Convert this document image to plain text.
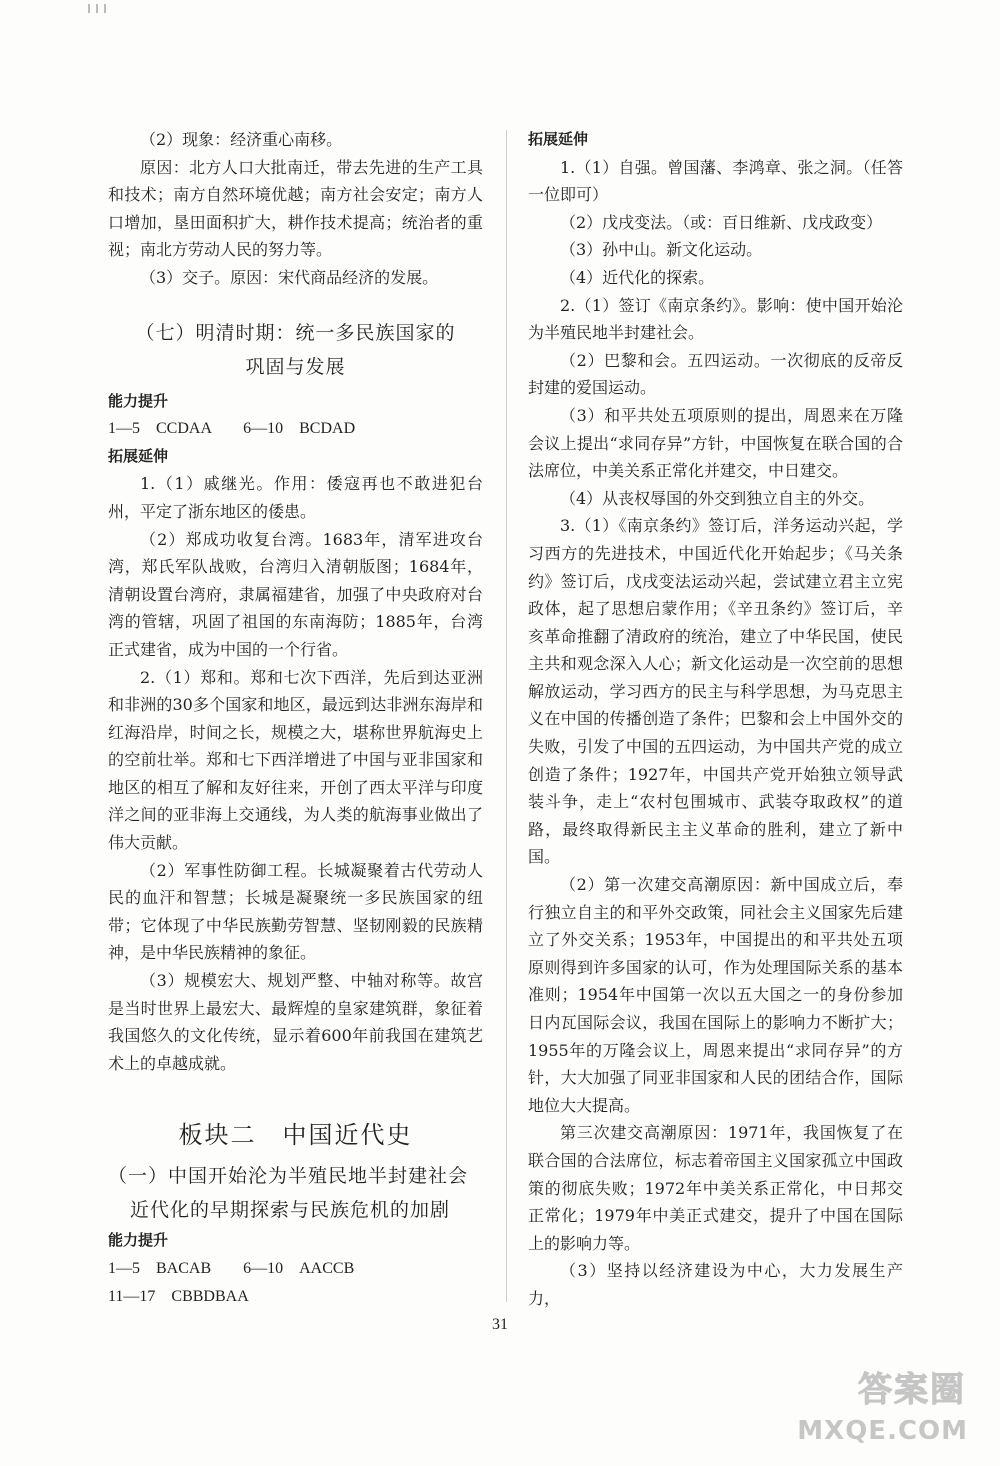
（2）现象：经济重心南移。

原因：北方人口大批南迁，带去先进的生产工具和技术；南方自然环境优越；南方社会安定；南方人口增加，垦田面积扩大，耕作技术提高；统治者的重视；南北方劳动人民的努力等。

（3）交子。原因：宋代商品经济的发展。

（七）明清时期：统一多民族国家的
巩固与发展

能力提升

1—5　CCDAA　　6—10　BCDAD

拓展延伸

1.（1）戚继光。作用：倭寇再也不敢进犯台州，平定了浙东地区的倭患。

（2）郑成功收复台湾。1683年，清军进攻台湾，郑氏军队战败，台湾归入清朝版图；1684年，清朝设置台湾府，隶属福建省，加强了中央政府对台湾的管辖，巩固了祖国的东南海防；1885年，台湾正式建省，成为中国的一个行省。

2.（1）郑和。郑和七次下西洋，先后到达亚洲和非洲的30多个国家和地区，最远到达非洲东海岸和红海沿岸，时间之长，规模之大，堪称世界航海史上的空前壮举。郑和七下西洋增进了中国与亚非国家和地区的相互了解和友好往来，开创了西太平洋与印度洋之间的亚非海上交通线，为人类的航海事业做出了伟大贡献。

（2）军事性防御工程。长城凝聚着古代劳动人民的血汗和智慧；长城是凝聚统一多民族国家的纽带；它体现了中华民族勤劳智慧、坚韧刚毅的民族精神，是中华民族精神的象征。

（3）规模宏大、规划严整、中轴对称等。故宫是当时世界上最宏大、最辉煌的皇家建筑群，象征着我国悠久的文化传统，显示着600年前我国在建筑艺术上的卓越成就。

板块二　中国近代史
（一）中国开始沦为半殖民地半封建社会
近代化的早期探索与民族危机的加剧

能力提升

1—5　BACAB　　6—10　AACCB

11—17　CBBDBAA

拓展延伸

1.（1）自强。曾国藩、李鸿章、张之洞。（任答一位即可）

（2）戊戌变法。（或：百日维新、戊戌政变）

（3）孙中山。新文化运动。

（4）近代化的探索。

2.（1）签订《南京条约》。影响：使中国开始沦为半殖民地半封建社会。

（2）巴黎和会。五四运动。一次彻底的反帝反封建的爱国运动。

（3）和平共处五项原则的提出，周恩来在万隆会议上提出“求同存异”方针，中国恢复在联合国的合法席位，中美关系正常化并建交，中日建交。

（4）从丧权辱国的外交到独立自主的外交。

3.（1）《南京条约》签订后，洋务运动兴起，学习西方的先进技术，中国近代化开始起步；《马关条约》签订后，戊戌变法运动兴起，尝试建立君主立宪政体，起了思想启蒙作用；《辛丑条约》签订后，辛亥革命推翻了清政府的统治，建立了中华民国，使民主共和观念深入人心；新文化运动是一次空前的思想解放运动，学习西方的民主与科学思想，为马克思主义在中国的传播创造了条件；巴黎和会上中国外交的失败，引发了中国的五四运动，为中国共产党的成立创造了条件；1927年，中国共产党开始独立领导武装斗争，走上“农村包围城市、武装夺取政权”的道路，最终取得新民主主义革命的胜利，建立了新中国。

（2）第一次建交高潮原因：新中国成立后，奉行独立自主的和平外交政策，同社会主义国家先后建立了外交关系；1953年，中国提出的和平共处五项原则得到许多国家的认可，作为处理国际关系的基本准则；1954年中国第一次以五大国之一的身份参加日内瓦国际会议，我国在国际上的影响力不断扩大；1955年的万隆会议上，周恩来提出“求同存异”的方针，大大加强了同亚非国家和人民的团结合作，国际地位大大提高。

第三次建交高潮原因：1971年，我国恢复了在联合国的合法席位，标志着帝国主义国家孤立中国政策的彻底失败；1972年中美关系正常化，中日邦交正常化；1979年中美正式建交，提升了中国在国际上的影响力等。

（3）坚持以经济建设为中心，大力发展生产力，

31
答案圈
MXQE.COM
